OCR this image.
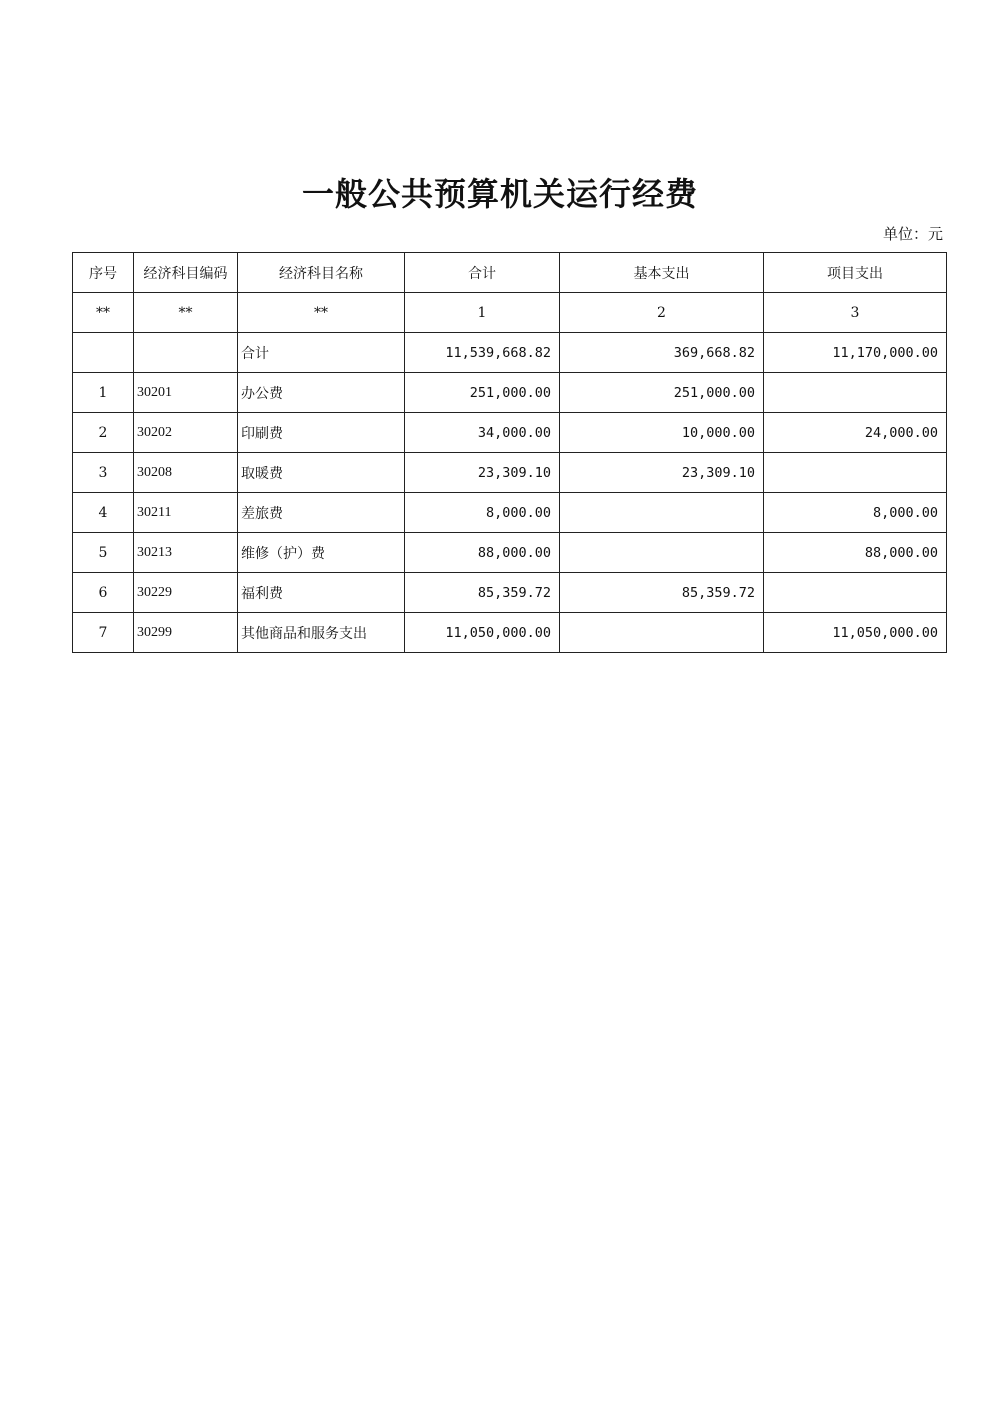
一般公共预算机关运行经费
单位：元
序号	经济科目编码	经济科目名称	合计	基本支出	项目支出
**	**	**	1	2	3
		合计	11,539,668.82	369,668.82	11,170,000.00
1	30201	办公费	251,000.00	251,000.00	
2	30202	印刷费	34,000.00	10,000.00	24,000.00
3	30208	取暖费	23,309.10	23,309.10	
4	30211	差旅费	8,000.00		8,000.00
5	30213	维修（护）费	88,000.00		88,000.00
6	30229	福利费	85,359.72	85,359.72	
7	30299	其他商品和服务支出	11,050,000.00		11,050,000.00
